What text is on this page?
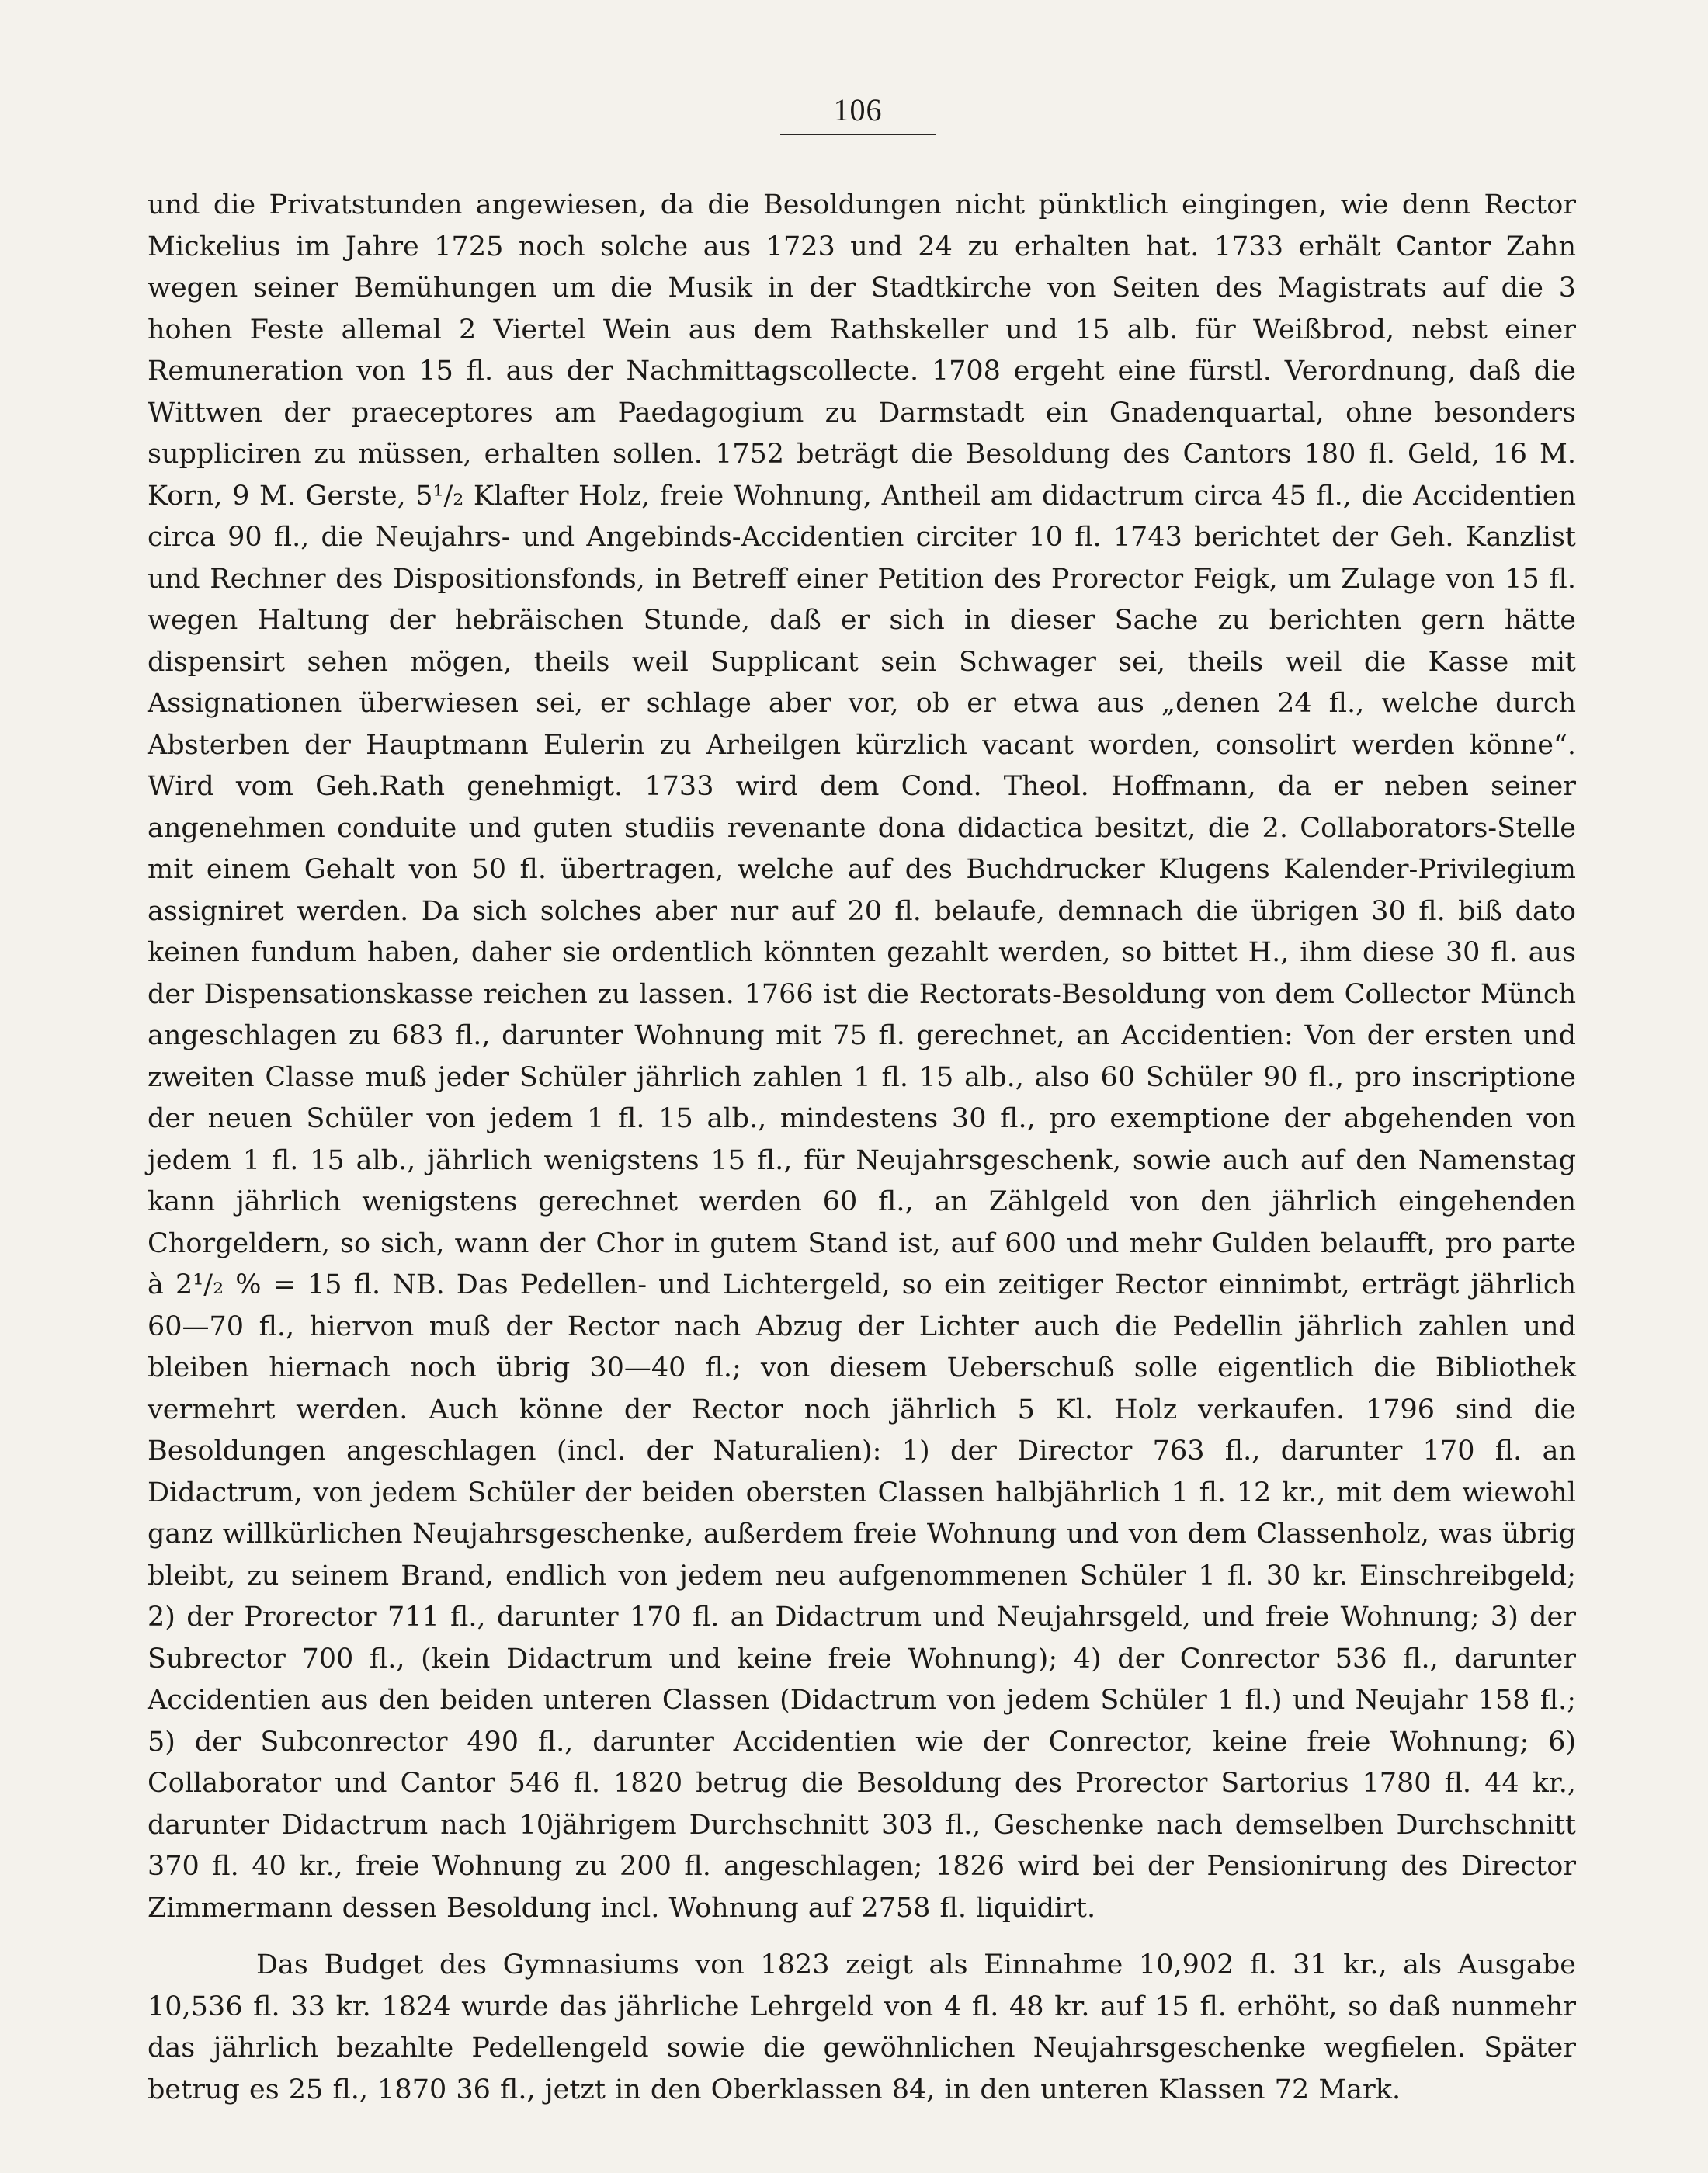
106

und die Privatstunden angewiesen, da die Besoldungen nicht pünktlich eingingen, wie denn Rector Mickelius im Jahre 1725 noch solche aus 1723 und 24 zu erhalten hat. 1733 erhält Cantor Zahn wegen seiner Bemühungen um die Musik in der Stadtkirche von Seiten des Magistrats auf die 3 hohen Feste allemal 2 Viertel Wein aus dem Rathskeller und 15 alb. für Weißbrod, nebst einer Remuneration von 15 fl. aus der Nachmittagscollecte. 1708 ergeht eine fürstl. Verordnung, daß die Wittwen der praeceptores am Paedagogium zu Darmstadt ein Gnadenquartal, ohne besonders suppliciren zu müssen, erhalten sollen. 1752 beträgt die Besoldung des Cantors 180 fl. Geld, 16 M. Korn, 9 M. Gerste, 5¹/₂ Klafter Holz, freie Wohnung, Antheil am didactrum circa 45 fl., die Accidentien circa 90 fl., die Neujahrs- und Angebinds-Accidentien circiter 10 fl. 1743 berichtet der Geh. Kanzlist und Rechner des Dispositionsfonds, in Betreff einer Petition des Prorector Feigk, um Zulage von 15 fl. wegen Haltung der hebräischen Stunde, daß er sich in dieser Sache zu berichten gern hätte dispensirt sehen mögen, theils weil Supplicant sein Schwager sei, theils weil die Kasse mit Assignationen überwiesen sei, er schlage aber vor, ob er etwa aus „denen 24 fl., welche durch Absterben der Hauptmann Eulerin zu Arheilgen kürzlich vacant worden, consolirt werden könne“. Wird vom Geh.Rath genehmigt. 1733 wird dem Cond. Theol. Hoffmann, da er neben seiner angenehmen conduite und guten studiis revenante dona didactica besitzt, die 2. Collaborators-Stelle mit einem Gehalt von 50 fl. übertragen, welche auf des Buchdrucker Klugens Kalender-Privilegium assigniret werden. Da sich solches aber nur auf 20 fl. belaufe, demnach die übrigen 30 fl. biß dato keinen fundum haben, daher sie ordentlich könnten gezahlt werden, so bittet H., ihm diese 30 fl. aus der Dispensationskasse reichen zu lassen. 1766 ist die Rectorats-Besoldung von dem Collector Münch angeschlagen zu 683 fl., darunter Wohnung mit 75 fl. gerechnet, an Accidentien: Von der ersten und zweiten Classe muß jeder Schüler jährlich zahlen 1 fl. 15 alb., also 60 Schüler 90 fl., pro inscriptione der neuen Schüler von jedem 1 fl. 15 alb., mindestens 30 fl., pro exemptione der abgehenden von jedem 1 fl. 15 alb., jährlich wenigstens 15 fl., für Neujahrsgeschenk, sowie auch auf den Namenstag kann jährlich wenigstens gerechnet werden 60 fl., an Zählgeld von den jährlich eingehenden Chorgeldern, so sich, wann der Chor in gutem Stand ist, auf 600 und mehr Gulden belaufft, pro parte à 2¹/₂ % = 15 fl. NB. Das Pedellen- und Lichtergeld, so ein zeitiger Rector einnimbt, erträgt jährlich 60—70 fl., hiervon muß der Rector nach Abzug der Lichter auch die Pedellin jährlich zahlen und bleiben hiernach noch übrig 30—40 fl.; von diesem Ueberschuß solle eigentlich die Bibliothek vermehrt werden. Auch könne der Rector noch jährlich 5 Kl. Holz verkaufen. 1796 sind die Besoldungen angeschlagen (incl. der Naturalien): 1) der Director 763 fl., darunter 170 fl. an Didactrum, von jedem Schüler der beiden obersten Classen halbjährlich 1 fl. 12 kr., mit dem wiewohl ganz willkürlichen Neujahrsgeschenke, außerdem freie Wohnung und von dem Classenholz, was übrig bleibt, zu seinem Brand, endlich von jedem neu aufgenommenen Schüler 1 fl. 30 kr. Einschreibgeld; 2) der Prorector 711 fl., darunter 170 fl. an Didactrum und Neujahrsgeld, und freie Wohnung; 3) der Subrector 700 fl., (kein Didactrum und keine freie Wohnung); 4) der Conrector 536 fl., darunter Accidentien aus den beiden unteren Classen (Didactrum von jedem Schüler 1 fl.) und Neujahr 158 fl.; 5) der Subconrector 490 fl., darunter Accidentien wie der Conrector, keine freie Wohnung; 6) Collaborator und Cantor 546 fl. 1820 betrug die Besoldung des Prorector Sartorius 1780 fl. 44 kr., darunter Didactrum nach 10jährigem Durchschnitt 303 fl., Geschenke nach demselben Durchschnitt 370 fl. 40 kr., freie Wohnung zu 200 fl. angeschlagen; 1826 wird bei der Pensionirung des Director Zimmermann dessen Besoldung incl. Wohnung auf 2758 fl. liquidirt.

Das Budget des Gymnasiums von 1823 zeigt als Einnahme 10,902 fl. 31 kr., als Ausgabe 10,536 fl. 33 kr. 1824 wurde das jährliche Lehrgeld von 4 fl. 48 kr. auf 15 fl. erhöht, so daß nunmehr das jährlich bezahlte Pedellengeld sowie die gewöhnlichen Neujahrsgeschenke wegfielen. Später betrug es 25 fl., 1870 36 fl., jetzt in den Oberklassen 84, in den unteren Klassen 72 Mark.
